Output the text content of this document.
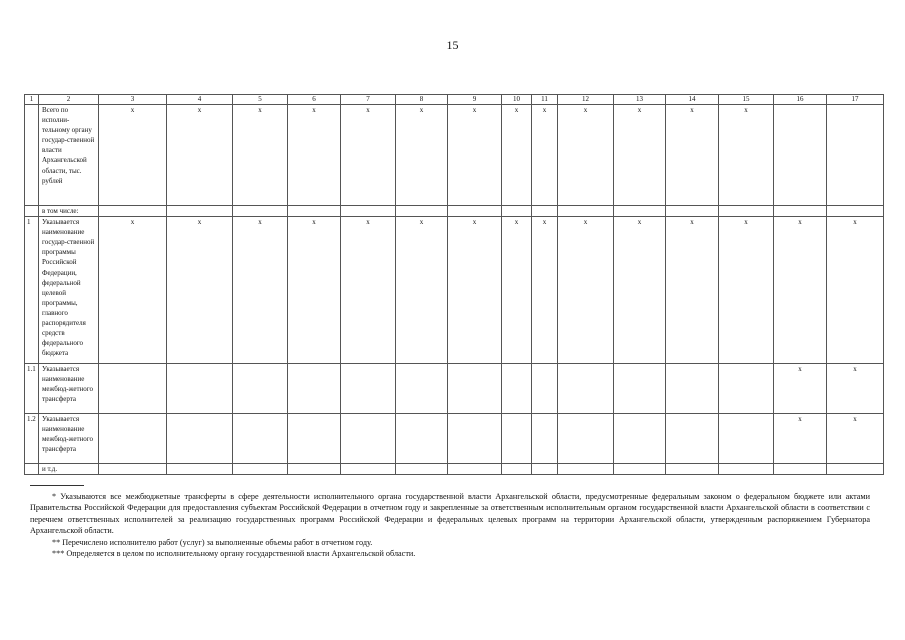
15
1	2	3	4	5	6	7	8	9	10	11	12	13	14	15	16	17
	Всего по исполни-тельному органу государ-ственной власти Архангельской области, тыс. рублей	х	х	х	х	х	х	х	х	х	х	х	х	х		
	в том числе:															
1	Указывается наименование государ-ственной программы Российской Федерации, федеральной целевой программы, главного распорядителя средств федерального бюджета	х	х	х	х	х	х	х	х	х	х	х	х	х	х	х
1.1	Указывается наименование межбюд-жетного трансферта														х	х
1.2	Указывается наименование межбюд-жетного трансферта														х	х
	и т.д.															

* Указываются все межбюджетные трансферты в сфере деятельности исполнительного органа государственной власти Архангельской области, предусмотренные федеральным законом о федеральном бюджете или актами Правительства Российской Федерации для предоставления субъектам Российской Федерации в отчетном году и закрепленные за ответственным исполнительным органом государственной власти Архангельской области в соответствии с перечнем ответственных исполнителей за реализацию государственных программ Российской Федерации и федеральных целевых программ на территории Архангельской области, утвержденным распоряжением Губернатора Архангельской области.

** Перечислено исполнителю работ (услуг) за выполненные объемы работ в отчетном году.

*** Определяется в целом по исполнительному органу государственной власти Архангельской области.
